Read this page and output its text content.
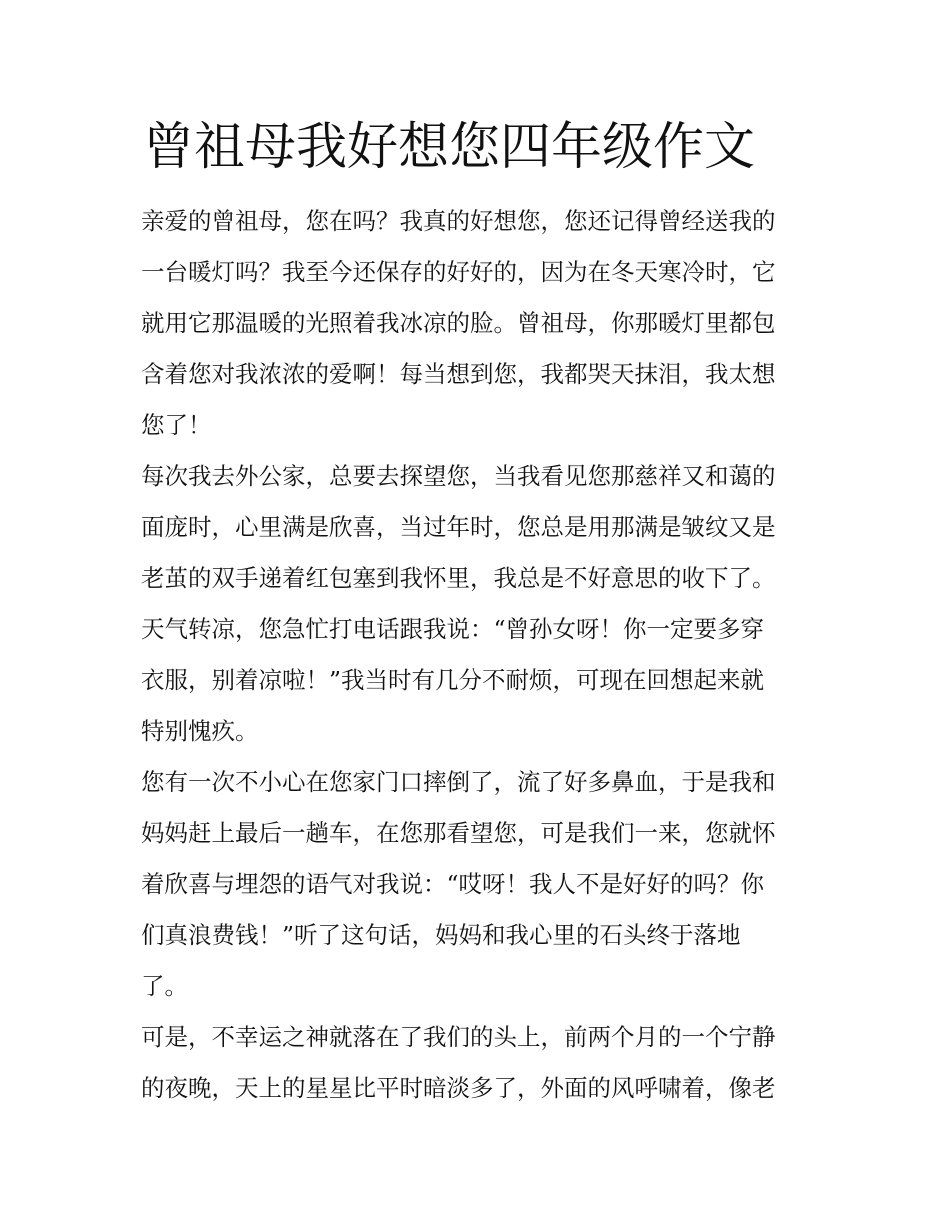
曾祖母我好想您四年级作文
亲爱的曾祖母，您在吗？我真的好想您，您还记得曾经送我的
一台暖灯吗？我至今还保存的好好的，因为在冬天寒冷时，它
就用它那温暖的光照着我冰凉的脸。曾祖母，你那暖灯里都包
含着您对我浓浓的爱啊！每当想到您，我都哭天抹泪，我太想
您了！
每次我去外公家，总要去探望您，当我看见您那慈祥又和蔼的
面庞时，心里满是欣喜，当过年时，您总是用那满是皱纹又是
老茧的双手递着红包塞到我怀里，我总是不好意思的收下了。
天气转凉，您急忙打电话跟我说：“曾孙女呀！你一定要多穿
衣服，别着凉啦！”我当时有几分不耐烦，可现在回想起来就
特别愧疚。
您有一次不小心在您家门口摔倒了，流了好多鼻血，于是我和
妈妈赶上最后一趟车，在您那看望您，可是我们一来，您就怀
着欣喜与埋怨的语气对我说：“哎呀！我人不是好好的吗？你
们真浪费钱！”听了这句话，妈妈和我心里的石头终于落地
了。
可是，不幸运之神就落在了我们的头上，前两个月的一个宁静
的夜晚，天上的星星比平时暗淡多了，外面的风呼啸着，像老
